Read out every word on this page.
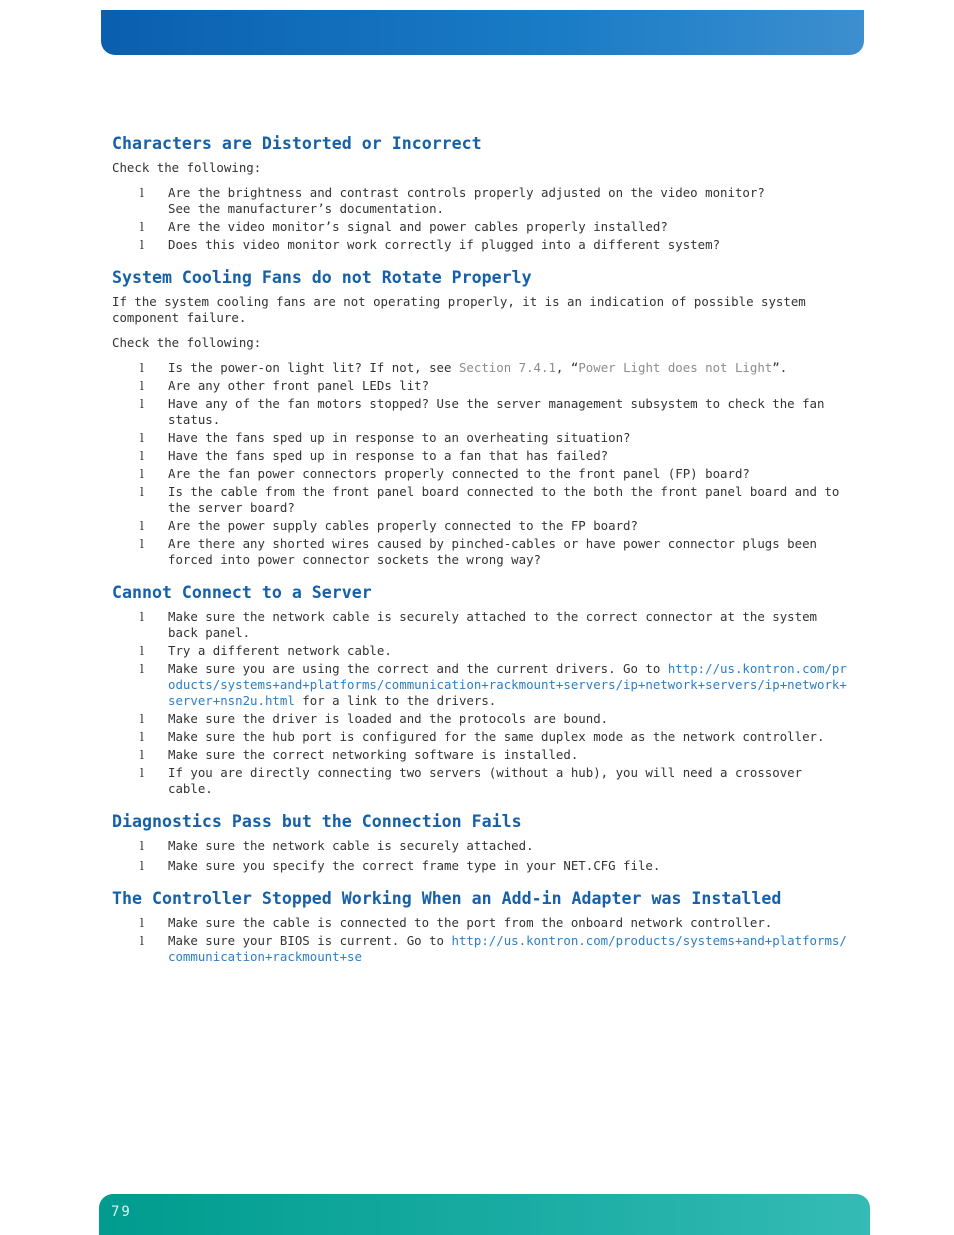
Characters are Distorted or Incorrect

Check the following:

l Are the brightness and contrast controls properly adjusted on the video monitor?
See the manufacturer’s documentation.
l Are the video monitor’s signal and power cables properly installed?
l Does this video monitor work correctly if plugged into a different system?
System Cooling Fans do not Rotate Properly

If the system cooling fans are not operating properly, it is an indication of possible system component failure.

Check the following:

l Is the power-on light lit? If not, see Section 7.4.1, “Power Light does not Light”.
l Are any other front panel LEDs lit?
l Have any of the fan motors stopped? Use the server management subsystem to check the fan status.
l Have the fans sped up in response to an overheating situation?
l Have the fans sped up in response to a fan that has failed?
l Are the fan power connectors properly connected to the front panel (FP) board?
l Is the cable from the front panel board connected to the both the front panel board and to the server board?
l Are the power supply cables properly connected to the FP board?
l Are there any shorted wires caused by pinched-cables or have power connector plugs been forced into power connector sockets the wrong way?
Cannot Connect to a Server
l Make sure the network cable is securely attached to the correct connector at the system back panel.
l Try a different network cable.
l Make sure you are using the correct and the current drivers. Go to http://us.kontron.com/products/systems+and+platforms/communication+rackmount+servers/ip+network+servers/ip+network+server+nsn2u.html for a link to the drivers.
l Make sure the driver is loaded and the protocols are bound.
l Make sure the hub port is configured for the same duplex mode as the network controller.
l Make sure the correct networking software is installed.
l If you are directly connecting two servers (without a hub), you will need a crossover cable.
Diagnostics Pass but the Connection Fails
l Make sure the network cable is securely attached.
l Make sure you specify the correct frame type in your NET.CFG file.
The Controller Stopped Working When an Add-in Adapter was Installed
l Make sure the cable is connected to the port from the onboard network controller.
l Make sure your BIOS is current. Go to http://us.kontron.com/products/systems+and+platforms/communication+rackmount+se
79
